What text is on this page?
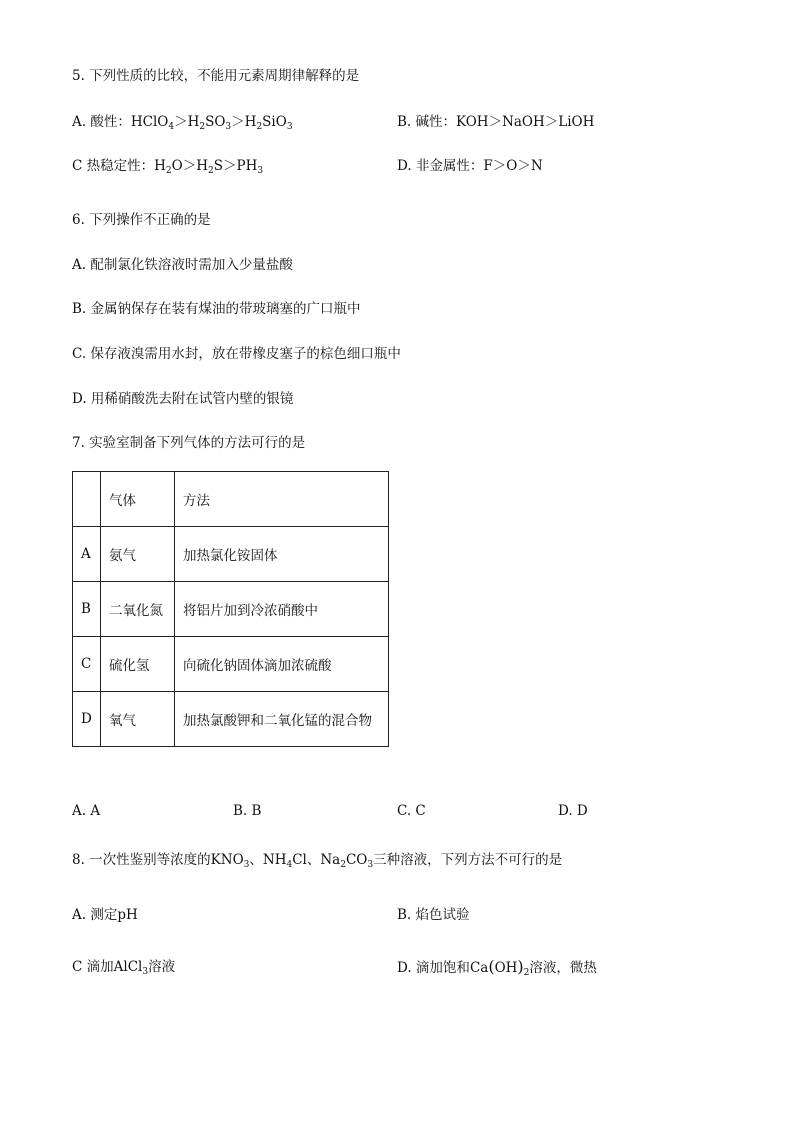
5. 下列性质的比较，不能用元素周期律解释的是
A. 酸性：$HClO_4>H_2SO_3>H_2SiO_3$	B. 碱性：KOH＞NaOH＞LiOH
C 热稳定性：$H_2O>H_2S>PH_3$	D. 非金属性：F＞O＞N
6. 下列操作不正确的是
A. 配制氯化铁溶液时需加入少量盐酸
B. 金属钠保存在装有煤油的带玻璃塞的广口瓶中
C. 保存液溴需用水封，放在带橡皮塞子的棕色细口瓶中
D. 用稀硝酸洗去附在试管内壁的银镜
7. 实验室制备下列气体的方法可行的是
	气体	方法
A	氨气	加热氯化铵固体
B	二氧化氮	将铝片加到冷浓硝酸中
C	硫化氢	向硫化钠固体滴加浓硫酸
D	氧气	加热氯酸钾和二氧化锰的混合物
A. A	B. B	C. C	D. D
8. 一次性鉴别等浓度的$KNO_3$、$NH_4Cl$、$Na_2CO_3$三种溶液，下列方法不可行的是
A. 测定pH	B. 焰色试验
C 滴加AlCl$_3$溶液	D. 滴加饱和$Ca(OH)_2$溶液，微热
